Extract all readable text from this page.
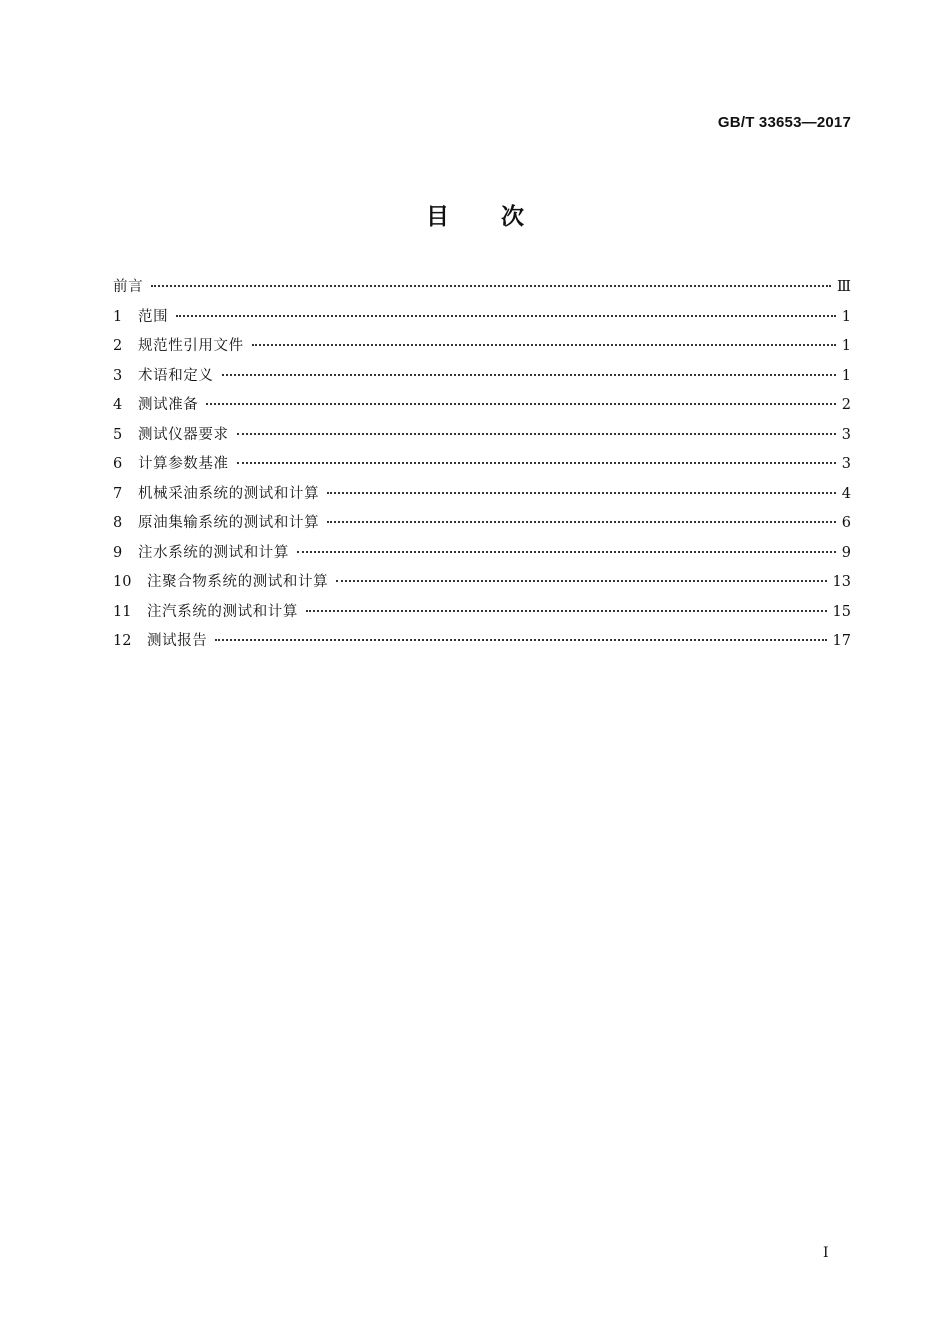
GB/T 33653—2017
目次
前言	Ⅲ
1	范围	1
2	规范性引用文件	1
3	术语和定义	1
4	测试准备	2
5	测试仪器要求	3
6	计算参数基准	3
7	机械采油系统的测试和计算	4
8	原油集输系统的测试和计算	6
9	注水系统的测试和计算	9
10	注聚合物系统的测试和计算	13
11	注汽系统的测试和计算	15
12	测试报告	17
I
